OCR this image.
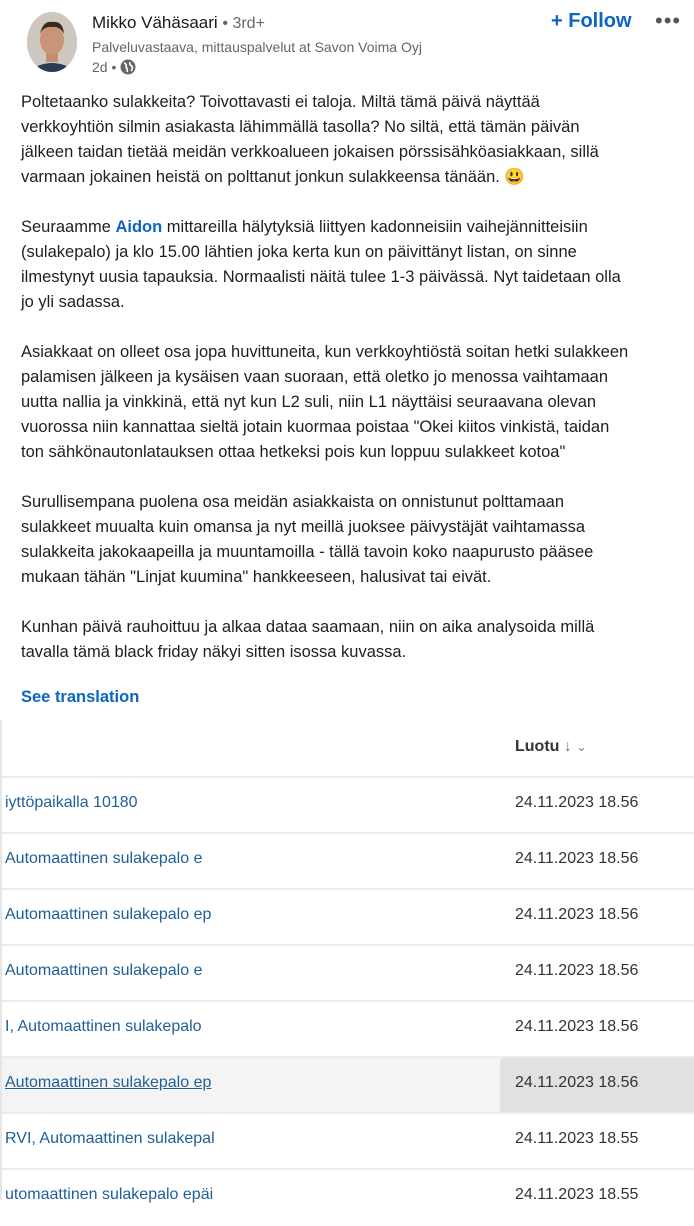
Mikko Vähäsaari • 3rd+
Palveluvastaava, mittauspalvelut at Savon Voima Oyj
2d •
+ Follow •••

Poltetaanko sulakkeita? Toivottavasti ei taloja. Miltä tämä päivä näyttää
verkkoyhtiön silmin asiakasta lähimmällä tasolla? No siltä, että tämän päivän
jälkeen taidan tietää meidän verkkoalueen jokaisen pörssisähköasiakkaan, sillä
varmaan jokainen heistä on polttanut jonkun sulakkeensa tänään. 😃

Seuraamme Aidon mittareilla hälytyksiä liittyen kadonneisiin vaihejännitteisiin
(sulakepalo) ja klo 15.00 lähtien joka kerta kun on päivittänyt listan, on sinne
ilmestynyt uusia tapauksia. Normaalisti näitä tulee 1-3 päivässä. Nyt taidetaan olla
jo yli sadassa.

Asiakkaat on olleet osa jopa huvittuneita, kun verkkoyhtiöstä soitan hetki sulakkeen
palamisen jälkeen ja kysäisen vaan suoraan, että oletko jo menossa vaihtamaan
uutta nallia ja vinkkinä, että nyt kun L2 suli, niin L1 näyttäisi seuraavana olevan
vuorossa niin kannattaa sieltä jotain kuormaa poistaa "Okei kiitos vinkistä, taidan
ton sähkönautonlatauksen ottaa hetkeksi pois kun loppuu sulakkeet kotoa"

Surullisempana puolena osa meidän asiakkaista on onnistunut polttamaan
sulakkeet muualta kuin omansa ja nyt meillä juoksee päivystäjät vaihtamassa
sulakkeita jakokaapeilla ja muuntamoilla - tällä tavoin koko naapurusto pääsee
mukaan tähän "Linjat kuumina" hankkeeseen, halusivat tai eivät.

Kunhan päivä rauhoittuu ja alkaa dataa saamaan, niin on aika analysoida millä
tavalla tämä black friday näkyi sitten isossa kuvassa.

See translation
Luotu ↓ ⌄
iyttöpaikalla 10180	24.11.2023 18.56
Automaattinen sulakepalo e	24.11.2023 18.56
Automaattinen sulakepalo ep	24.11.2023 18.56
Automaattinen sulakepalo e	24.11.2023 18.56
I, Automaattinen sulakepalo	24.11.2023 18.56
Automaattinen sulakepalo ep	24.11.2023 18.56
RVI, Automaattinen sulakepal	24.11.2023 18.55
utomaattinen sulakepalo epäi	24.11.2023 18.55
